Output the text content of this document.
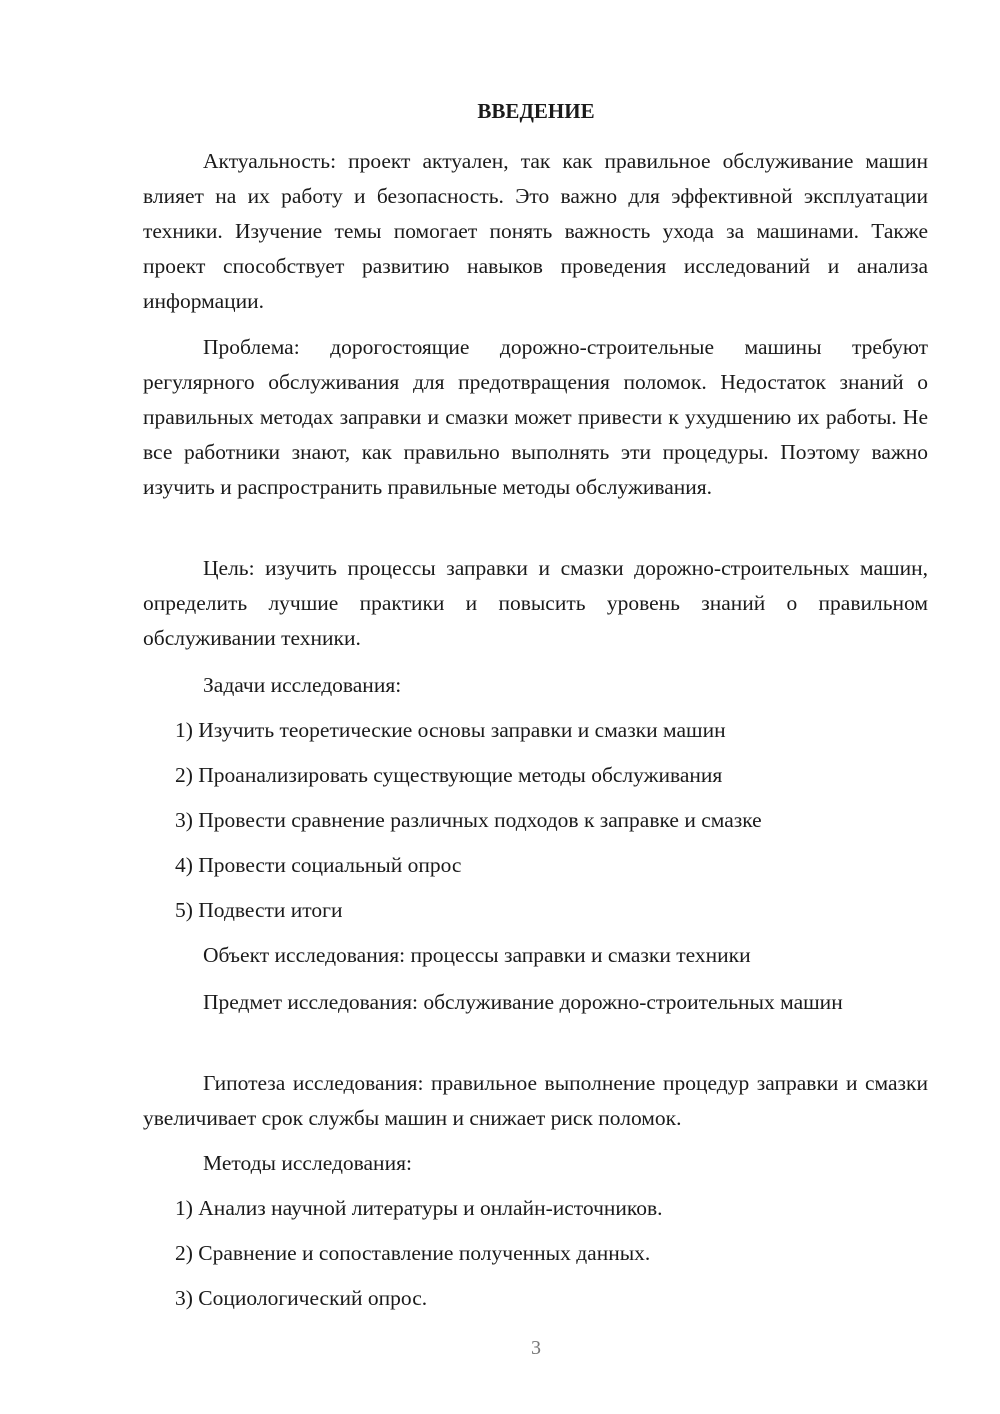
ВВЕДЕНИЕ

Актуальность: проект актуален, так как правильное обслуживание машин влияет на их работу и безопасность. Это важно для эффективной эксплуатации техники. Изучение темы помогает понять важность ухода за машинами. Также проект способствует развитию навыков проведения исследований и анализа информации.

Проблема: дорогостоящие дорожно-строительные машины требуют регулярного обслуживания для предотвращения поломок. Недостаток знаний о правильных методах заправки и смазки может привести к ухудшению их работы. Не все работники знают, как правильно выполнять эти процедуры. Поэтому важно изучить и распространить правильные методы обслуживания.

Цель: изучить процессы заправки и смазки дорожно-строительных машин, определить лучшие практики и повысить уровень знаний о правильном обслуживании техники.

Задачи исследования:

1) Изучить теоретические основы заправки и смазки машин

2) Проанализировать существующие методы обслуживания

3) Провести сравнение различных подходов к заправке и смазке

4) Провести социальный опрос

5) Подвести итоги

Объект исследования: процессы заправки и смазки техники

Предмет исследования: обслуживание дорожно-строительных машин

Гипотеза исследования: правильное выполнение процедур заправки и смазки увеличивает срок службы машин и снижает риск поломок.

Методы исследования:

1) Анализ научной литературы и онлайн-источников.

2) Сравнение и сопоставление полученных данных.

3) Социологический опрос.

3
